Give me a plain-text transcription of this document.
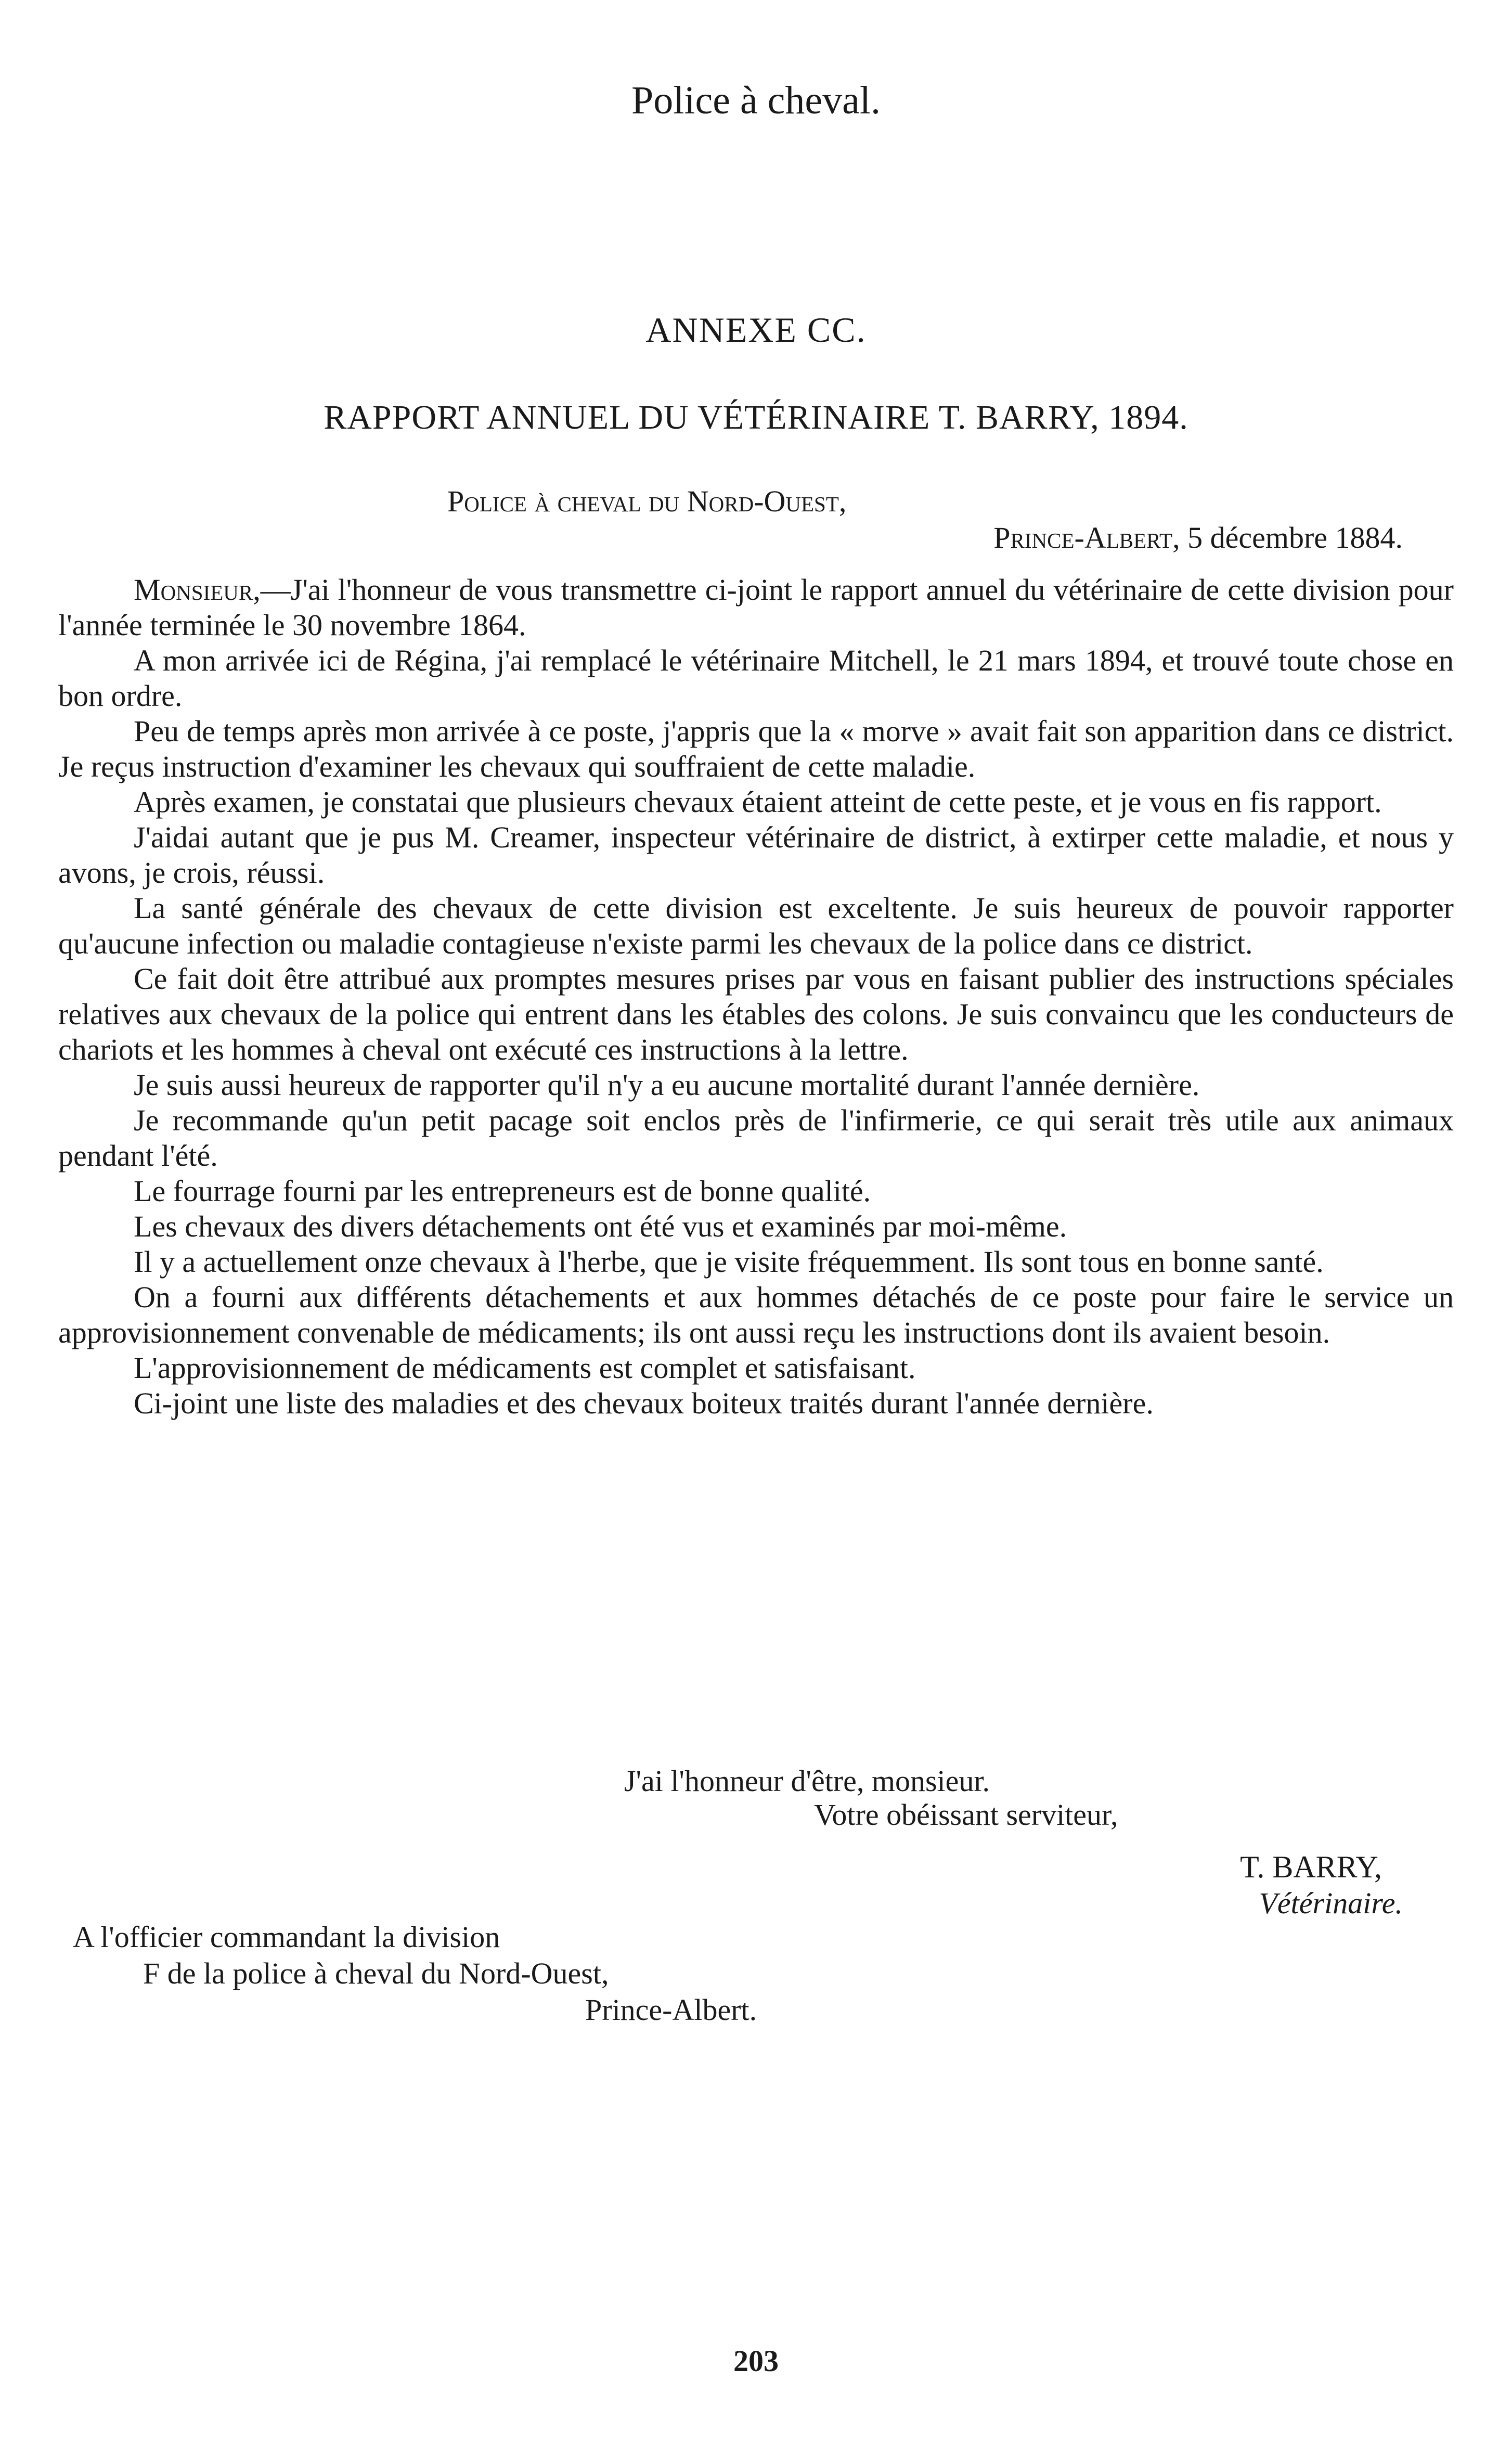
Police à cheval.
ANNEXE CC.
RAPPORT ANNUEL DU VÉTÉRINAIRE T. BARRY, 1894.
Police à cheval du Nord-Ouest,
Prince-Albert, 5 décembre 1884.

Monsieur,—J'ai l'honneur de vous transmettre ci-joint le rapport annuel du vétérinaire de cette division pour l'année terminée le 30 novembre 1864.

A mon arrivée ici de Régina, j'ai remplacé le vétérinaire Mitchell, le 21 mars 1894, et trouvé toute chose en bon ordre.

Peu de temps après mon arrivée à ce poste, j'appris que la « morve » avait fait son apparition dans ce district. Je reçus instruction d'examiner les chevaux qui souffraient de cette maladie.

Après examen, je constatai que plusieurs chevaux étaient atteint de cette peste, et je vous en fis rapport.

J'aidai autant que je pus M. Creamer, inspecteur vétérinaire de district, à extirper cette maladie, et nous y avons, je crois, réussi.

La santé générale des chevaux de cette division est exceltente. Je suis heureux de pouvoir rapporter qu'aucune infection ou maladie contagieuse n'existe parmi les chevaux de la police dans ce district.

Ce fait doit être attribué aux promptes mesures prises par vous en faisant publier des instructions spéciales relatives aux chevaux de la police qui entrent dans les étables des colons. Je suis convaincu que les conducteurs de chariots et les hommes à cheval ont exécuté ces instructions à la lettre.

Je suis aussi heureux de rapporter qu'il n'y a eu aucune mortalité durant l'année dernière.

Je recommande qu'un petit pacage soit enclos près de l'infirmerie, ce qui serait très utile aux animaux pendant l'été.

Le fourrage fourni par les entrepreneurs est de bonne qualité.

Les chevaux des divers détachements ont été vus et examinés par moi-même.

Il y a actuellement onze chevaux à l'herbe, que je visite fréquemment. Ils sont tous en bonne santé.

On a fourni aux différents détachements et aux hommes détachés de ce poste pour faire le service un approvisionnement convenable de médicaments; ils ont aussi reçu les instructions dont ils avaient besoin.

L'approvisionnement de médicaments est complet et satisfaisant.

Ci-joint une liste des maladies et des chevaux boiteux traités durant l'année dernière.

J'ai l'honneur d'être, monsieur.
Votre obéissant serviteur,
T. BARRY,
Vétérinaire.
A l'officier commandant la division
F de la police à cheval du Nord-Ouest,
Prince-Albert.
203
